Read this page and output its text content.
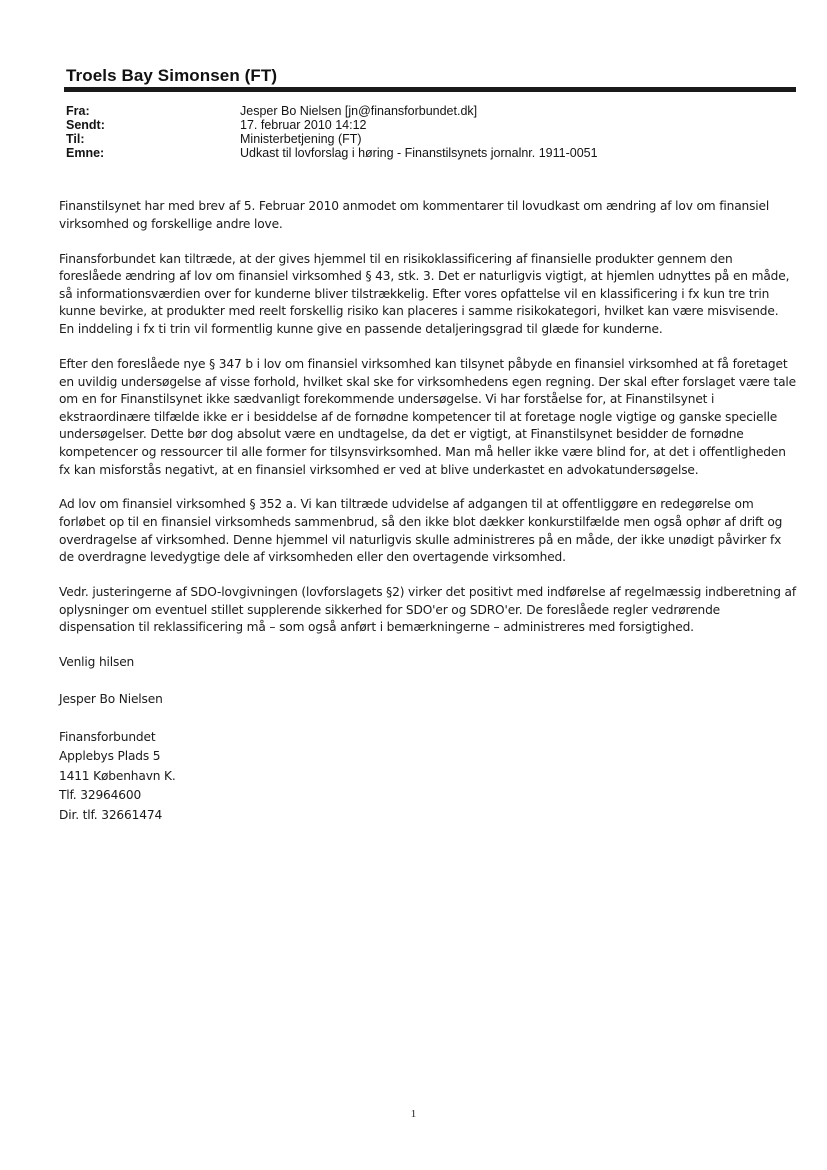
Troels Bay Simonsen (FT)
Fra:	Jesper Bo Nielsen [jn@finansforbundet.dk]
Sendt:	17. februar 2010 14:12
Til:	Ministerbetjening (FT)
Emne:	Udkast til lovforslag i høring - Finanstilsynets jornalnr. 1911-0051

Finanstilsynet har med brev af 5. Februar 2010 anmodet om kommentarer til lovudkast om ændring af lov om finansiel virksomhed og forskellige andre love.

Finansforbundet kan tiltræde, at der gives hjemmel til en risikoklassificering af finansielle produkter gennem den foreslåede ændring af lov om finansiel virksomhed § 43, stk. 3. Det er naturligvis vigtigt, at hjemlen udnyttes på en måde, så informationsværdien over for kunderne bliver tilstrækkelig. Efter vores opfattelse vil en klassificering i fx kun tre trin kunne bevirke, at produkter med reelt forskellig risiko kan placeres i samme risikokategori, hvilket kan være misvisende. En inddeling i fx ti trin vil formentlig kunne give en passende detaljeringsgrad til glæde for kunderne.

Efter den foreslåede nye § 347 b i lov om finansiel virksomhed kan tilsynet påbyde en finansiel virksomhed at få foretaget en uvildig undersøgelse af visse forhold, hvilket skal ske for virksomhedens egen regning. Der skal efter forslaget være tale om en for Finanstilsynet ikke sædvanligt forekommende undersøgelse. Vi har forståelse for, at Finanstilsynet i ekstraordinære tilfælde ikke er i besiddelse af de fornødne kompetencer til at foretage nogle vigtige og ganske specielle undersøgelser. Dette bør dog absolut være en undtagelse, da det er vigtigt, at Finanstilsynet besidder de fornødne kompetencer og ressourcer til alle former for tilsynsvirksomhed. Man må heller ikke være blind for, at det i offentligheden fx kan misforstås negativt, at en finansiel virksomhed er ved at blive underkastet en advokatundersøgelse.

Ad lov om finansiel virksomhed § 352 a. Vi kan tiltræde udvidelse af adgangen til at offentliggøre en redegørelse om forløbet op til en finansiel virksomheds sammenbrud, så den ikke blot dækker konkurstilfælde men også ophør af drift og overdragelse af virksomhed. Denne hjemmel vil naturligvis skulle administreres på en måde, der ikke unødigt påvirker fx de overdragne levedygtige dele af virksomheden eller den overtagende virksomhed.

Vedr. justeringerne af SDO-lovgivningen (lovforslagets §2) virker det positivt med indførelse af regelmæssig indberetning af oplysninger om eventuel stillet supplerende sikkerhed for SDO'er og SDRO'er. De foreslåede regler vedrørende dispensation til reklassificering må – som også anført i bemærkningerne – administreres med forsigtighed.

Venlig hilsen

Jesper Bo Nielsen

Finansforbundet
Applebys Plads 5
1411 København K.
Tlf. 32964600
Dir. tlf. 32661474
1
